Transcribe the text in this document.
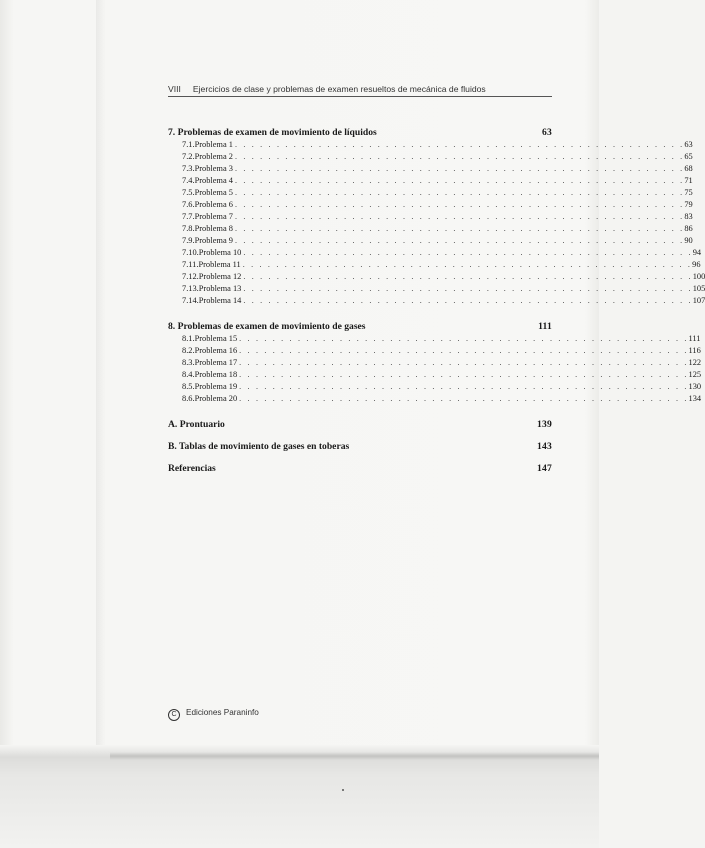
VIII Ejercicios de clase y problemas de examen resueltos de mecánica de fluidos
7. Problemas de examen de movimiento de líquidos	63
7.1. Problema 1 . . . . . . . . . . . . . . . . . . . . . . . . . . . . . . . . . . . . . . . . . . . . . . . . . . . . . . 63
7.2. Problema 2 . . . . . . . . . . . . . . . . . . . . . . . . . . . . . . . . . . . . . . . . . . . . . . . . . . . . . . 65
7.3. Problema 3 . . . . . . . . . . . . . . . . . . . . . . . . . . . . . . . . . . . . . . . . . . . . . . . . . . . . . . 68
7.4. Problema 4 . . . . . . . . . . . . . . . . . . . . . . . . . . . . . . . . . . . . . . . . . . . . . . . . . . . . . . 71
7.5. Problema 5 . . . . . . . . . . . . . . . . . . . . . . . . . . . . . . . . . . . . . . . . . . . . . . . . . . . . . . 75
7.6. Problema 6 . . . . . . . . . . . . . . . . . . . . . . . . . . . . . . . . . . . . . . . . . . . . . . . . . . . . . . 79
7.7. Problema 7 . . . . . . . . . . . . . . . . . . . . . . . . . . . . . . . . . . . . . . . . . . . . . . . . . . . . . . 83
7.8. Problema 8 . . . . . . . . . . . . . . . . . . . . . . . . . . . . . . . . . . . . . . . . . . . . . . . . . . . . . . 86
7.9. Problema 9 . . . . . . . . . . . . . . . . . . . . . . . . . . . . . . . . . . . . . . . . . . . . . . . . . . . . . . 90
7.10. Problema 10 . . . . . . . . . . . . . . . . . . . . . . . . . . . . . . . . . . . . . . . . . . . . . . . . . . . . . . 94
7.11. Problema 11 . . . . . . . . . . . . . . . . . . . . . . . . . . . . . . . . . . . . . . . . . . . . . . . . . . . . . . 96
7.12. Problema 12 . . . . . . . . . . . . . . . . . . . . . . . . . . . . . . . . . . . . . . . . . . . . . . . . . . . . . . 100
7.13. Problema 13 . . . . . . . . . . . . . . . . . . . . . . . . . . . . . . . . . . . . . . . . . . . . . . . . . . . . . . 105
7.14. Problema 14 . . . . . . . . . . . . . . . . . . . . . . . . . . . . . . . . . . . . . . . . . . . . . . . . . . . . . . 107
8. Problemas de examen de movimiento de gases	111
8.1. Problema 15 . . . . . . . . . . . . . . . . . . . . . . . . . . . . . . . . . . . . . . . . . . . . . . . . . . . . . . 111
8.2. Problema 16 . . . . . . . . . . . . . . . . . . . . . . . . . . . . . . . . . . . . . . . . . . . . . . . . . . . . . . 116
8.3. Problema 17 . . . . . . . . . . . . . . . . . . . . . . . . . . . . . . . . . . . . . . . . . . . . . . . . . . . . . . 122
8.4. Problema 18 . . . . . . . . . . . . . . . . . . . . . . . . . . . . . . . . . . . . . . . . . . . . . . . . . . . . . . 125
8.5. Problema 19 . . . . . . . . . . . . . . . . . . . . . . . . . . . . . . . . . . . . . . . . . . . . . . . . . . . . . . 130
8.6. Problema 20 . . . . . . . . . . . . . . . . . . . . . . . . . . . . . . . . . . . . . . . . . . . . . . . . . . . . . . 134
A. Prontuario	139
B. Tablas de movimiento de gases en toberas	143
Referencias	147
C Ediciones Paraninfo
